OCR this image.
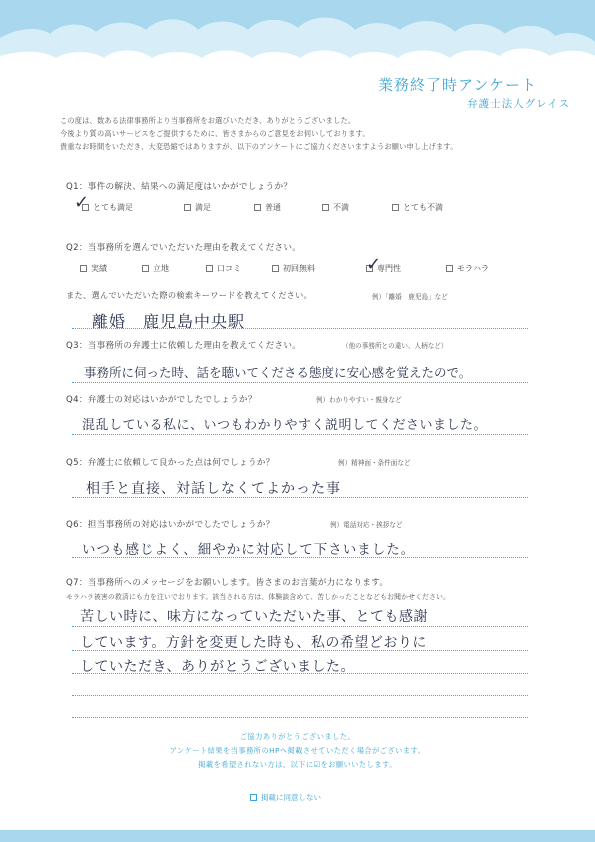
業務終了時アンケート
弁護士法人グレイス
この度は、数ある法律事務所より当事務所をお選びいただき、ありがとうございました。
今後より質の高いサービスをご提供するために、皆さまからのご意見をお伺いしております。
貴重なお時間をいただき、大変恐縮ではありますが、以下のアンケートにご協力くださいますようお願い申し上げます。
Q1：事件の解決、結果への満足度はいかがでしょうか？
とても満足	満足	普通	不満	とても不満
✓
Q2：当事務所を選んでいただいた理由を教えてください。
実績	立地	口コミ	初回無料	専門性	モラハラ
✓
また、選んでいただいた際の検索キーワードを教えてください。	例）「離婚　鹿児島」など
離婚　鹿児島中央駅
Q3：当事務所の弁護士に依頼した理由を教えてください。	（他の事務所との違い、人柄など）
事務所に伺った時、話を聴いてくださる態度に安心感を覚えたので。
Q4：弁護士の対応はいかがでしたでしょうか？	例）わかりやすい・親身など
混乱している私に、いつもわかりやすく説明してくださいました。
Q5：弁護士に依頼して良かった点は何でしょうか？	例）精神面・条件面など
相手と直接、対話しなくてよかった事
Q6：担当事務所の対応はいかがでしたでしょうか？	例）電話対応・挨拶など
いつも感じよく、細やかに対応して下さいました。
Q7：当事務所へのメッセージをお願いします。皆さまのお言葉が力になります。
モラハラ被害の救済にも力を注いでおります。該当される方は、体験談含めて、苦しかったことなどもお聞かせください。
苦しい時に、味方になっていただいた事、とても感謝
しています。方針を変更した時も、私の希望どおりに
していただき、ありがとうございました。
ご協力ありがとうございました。
アンケート結果を当事務所のHPへ掲載させていただく場合がございます。
掲載を希望されない方は、以下に☑をお願いいたします。
掲載に同意しない
